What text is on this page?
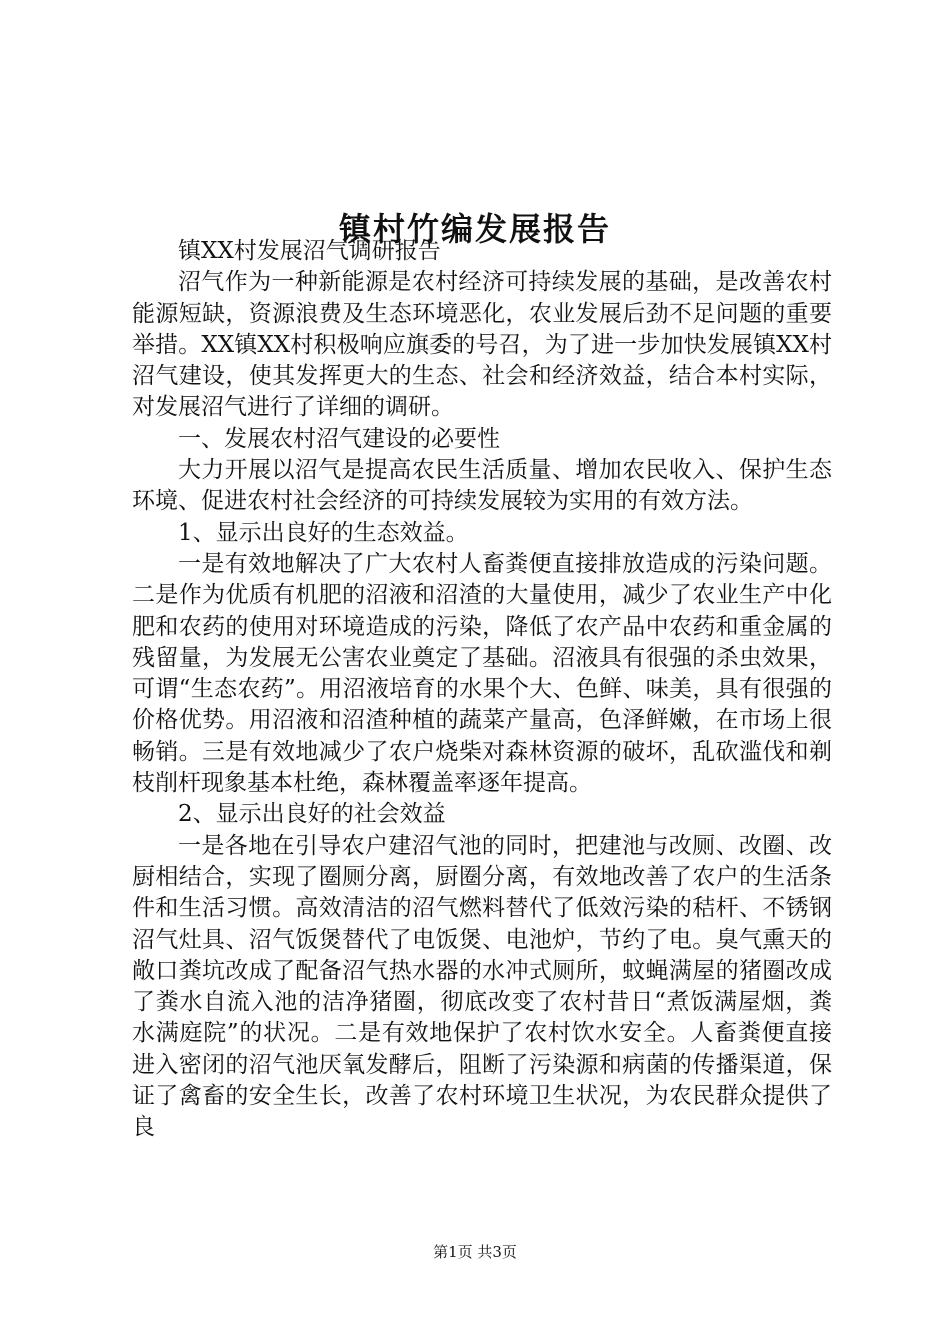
镇村竹编发展报告

镇XX村发展沼气调研报告

沼气作为一种新能源是农村经济可持续发展的基础，是改善农村能源短缺，资源浪费及生态环境恶化，农业发展后劲不足问题的重要举措。XX镇XX村积极响应旗委的号召，为了进一步加快发展镇XX村沼气建设，使其发挥更大的生态、社会和经济效益，结合本村实际，对发展沼气进行了详细的调研。

一、发展农村沼气建设的必要性

大力开展以沼气是提高农民生活质量、增加农民收入、保护生态环境、促进农村社会经济的可持续发展较为实用的有效方法。

1、显示出良好的生态效益。

一是有效地解决了广大农村人畜粪便直接排放造成的污染问题。二是作为优质有机肥的沼液和沼渣的大量使用，减少了农业生产中化肥和农药的使用对环境造成的污染，降低了农产品中农药和重金属的残留量，为发展无公害农业奠定了基础。沼液具有很强的杀虫效果，可谓“生态农药”。用沼液培育的水果个大、色鲜、味美，具有很强的价格优势。用沼液和沼渣种植的蔬菜产量高，色泽鲜嫩，在市场上很畅销。三是有效地减少了农户烧柴对森林资源的破坏，乱砍滥伐和剃枝削杆现象基本杜绝，森林覆盖率逐年提高。

2、显示出良好的社会效益

一是各地在引导农户建沼气池的同时，把建池与改厕、改圈、改厨相结合，实现了圈厕分离，厨圈分离，有效地改善了农户的生活条件和生活习惯。高效清洁的沼气燃料替代了低效污染的秸杆、不锈钢沼气灶具、沼气饭煲替代了电饭煲、电池炉，节约了电。臭气熏天的敞口粪坑改成了配备沼气热水器的水冲式厕所，蚊蝇满屋的猪圈改成了粪水自流入池的洁净猪圈，彻底改变了农村昔日“煮饭满屋烟，粪水满庭院”的状况。二是有效地保护了农村饮水安全。人畜粪便直接进入密闭的沼气池厌氧发酵后，阻断了污染源和病菌的传播渠道，保证了禽畜的安全生长，改善了农村环境卫生状况，为农民群众提供了良

第1页 共3页
